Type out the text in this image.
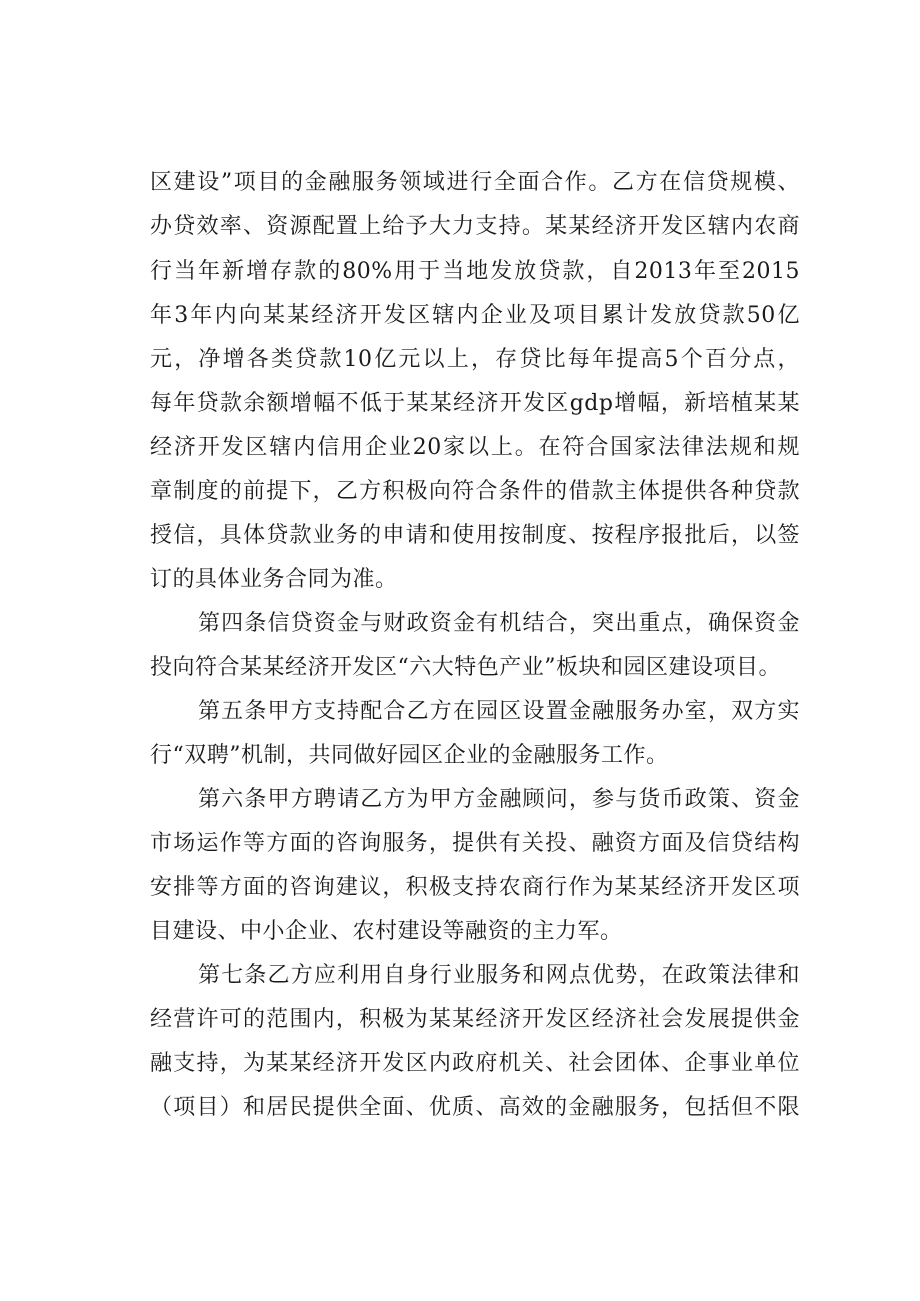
区建设”项目的金融服务领域进行全面合作。乙方在信贷规模、
办贷效率、资源配置上给予大力支持。某某经济开发区辖内农商
行当年新增存款的80%用于当地发放贷款，自2013年至2015
年3年内向某某经济开发区辖内企业及项目累计发放贷款50亿
元，净增各类贷款10亿元以上，存贷比每年提高5个百分点，
每年贷款余额增幅不低于某某经济开发区gdp增幅，新培植某某
经济开发区辖内信用企业20家以上。在符合国家法律法规和规
章制度的前提下，乙方积极向符合条件的借款主体提供各种贷款
授信，具体贷款业务的申请和使用按制度、按程序报批后，以签
订的具体业务合同为准。
第四条信贷资金与财政资金有机结合，突出重点，确保资金
投向符合某某经济开发区“六大特色产业”板块和园区建设项目。
第五条甲方支持配合乙方在园区设置金融服务办室，双方实
行“双聘”机制，共同做好园区企业的金融服务工作。
第六条甲方聘请乙方为甲方金融顾问，参与货币政策、资金
市场运作等方面的咨询服务，提供有关投、融资方面及信贷结构
安排等方面的咨询建议，积极支持农商行作为某某经济开发区项
目建设、中小企业、农村建设等融资的主力军。
第七条乙方应利用自身行业服务和网点优势，在政策法律和
经营许可的范围内，积极为某某经济开发区经济社会发展提供金
融支持，为某某经济开发区内政府机关、社会团体、企事业单位
（项目）和居民提供全面、优质、高效的金融服务，包括但不限
